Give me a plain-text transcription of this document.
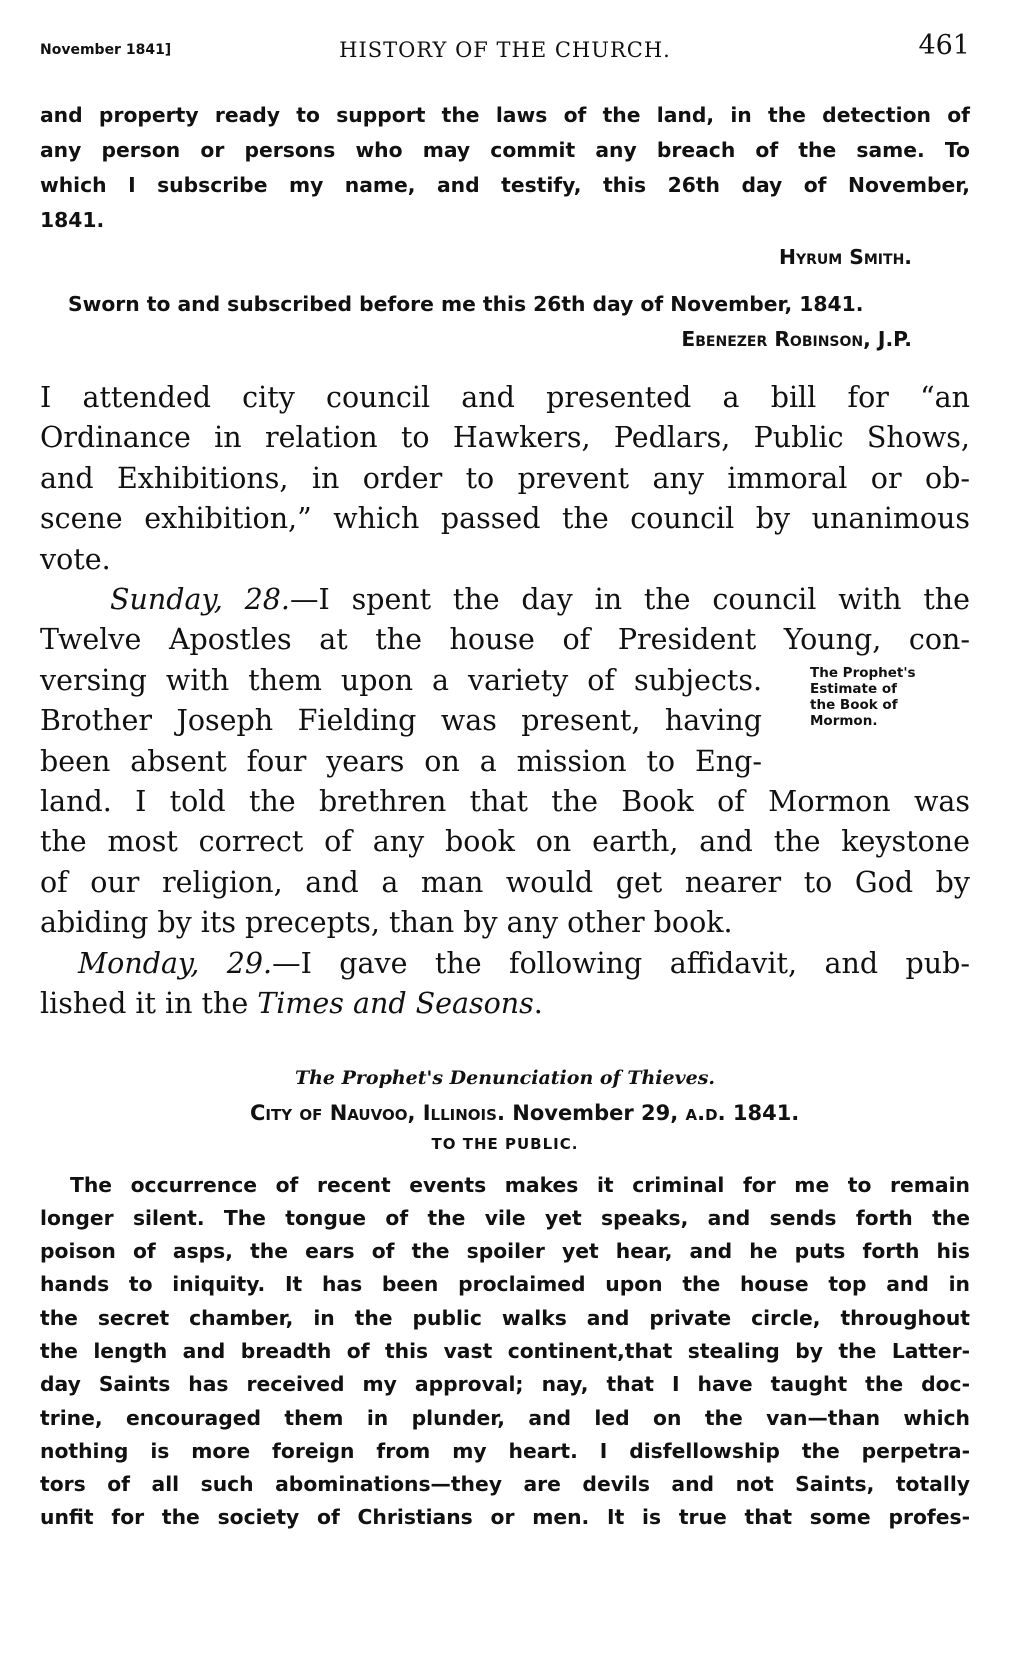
November 1841]	HISTORY OF THE CHURCH.	461
and property ready to support the laws of the land, in the detection of
any person or persons who may commit any breach of the same. To
which I subscribe my name, and testify, this 26th day of November,
1841.
Hyrum Smith.
Sworn to and subscribed before me this 26th day of November, 1841.
Ebenezer Robinson, J.P.
I attended city council and presented a bill for “an
Ordinance in relation to Hawkers, Pedlars, Public Shows,
and Exhibitions, in order to prevent any immoral or ob-
scene exhibition,” which passed the council by unanimous
vote.
Sunday, 28.—I spent the day in the council with the
Twelve Apostles at the house of President Young, con-
versing with them upon a variety of subjects.
Brother Joseph Fielding was present, having
been absent four years on a mission to Eng-
land. I told the brethren that the Book of Mormon was
the most correct of any book on earth, and the keystone
of our religion, and a man would get nearer to God by
abiding by its precepts, than by any other book.
Monday, 29.—I gave the following affidavit, and pub-
lished it in the Times and Seasons.
The Prophet's Denunciation of Thieves.
City of Nauvoo, Illinois. November 29, a.d. 1841.
TO THE PUBLIC.
The occurrence of recent events makes it criminal for me to remain
longer silent. The tongue of the vile yet speaks, and sends forth the
poison of asps, the ears of the spoiler yet hear, and he puts forth his
hands to iniquity. It has been proclaimed upon the house top and in
the secret chamber, in the public walks and private circle, throughout
the length and breadth of this vast continent,that stealing by the Latter-
day Saints has received my approval; nay, that I have taught the doc-
trine, encouraged them in plunder, and led on the van—than which
nothing is more foreign from my heart. I disfellowship the perpetra-
tors of all such abominations—they are devils and not Saints, totally
unfit for the society of Christians or men. It is true that some profes-
The Prophet's
Estimate of
the Book of
Mormon.
